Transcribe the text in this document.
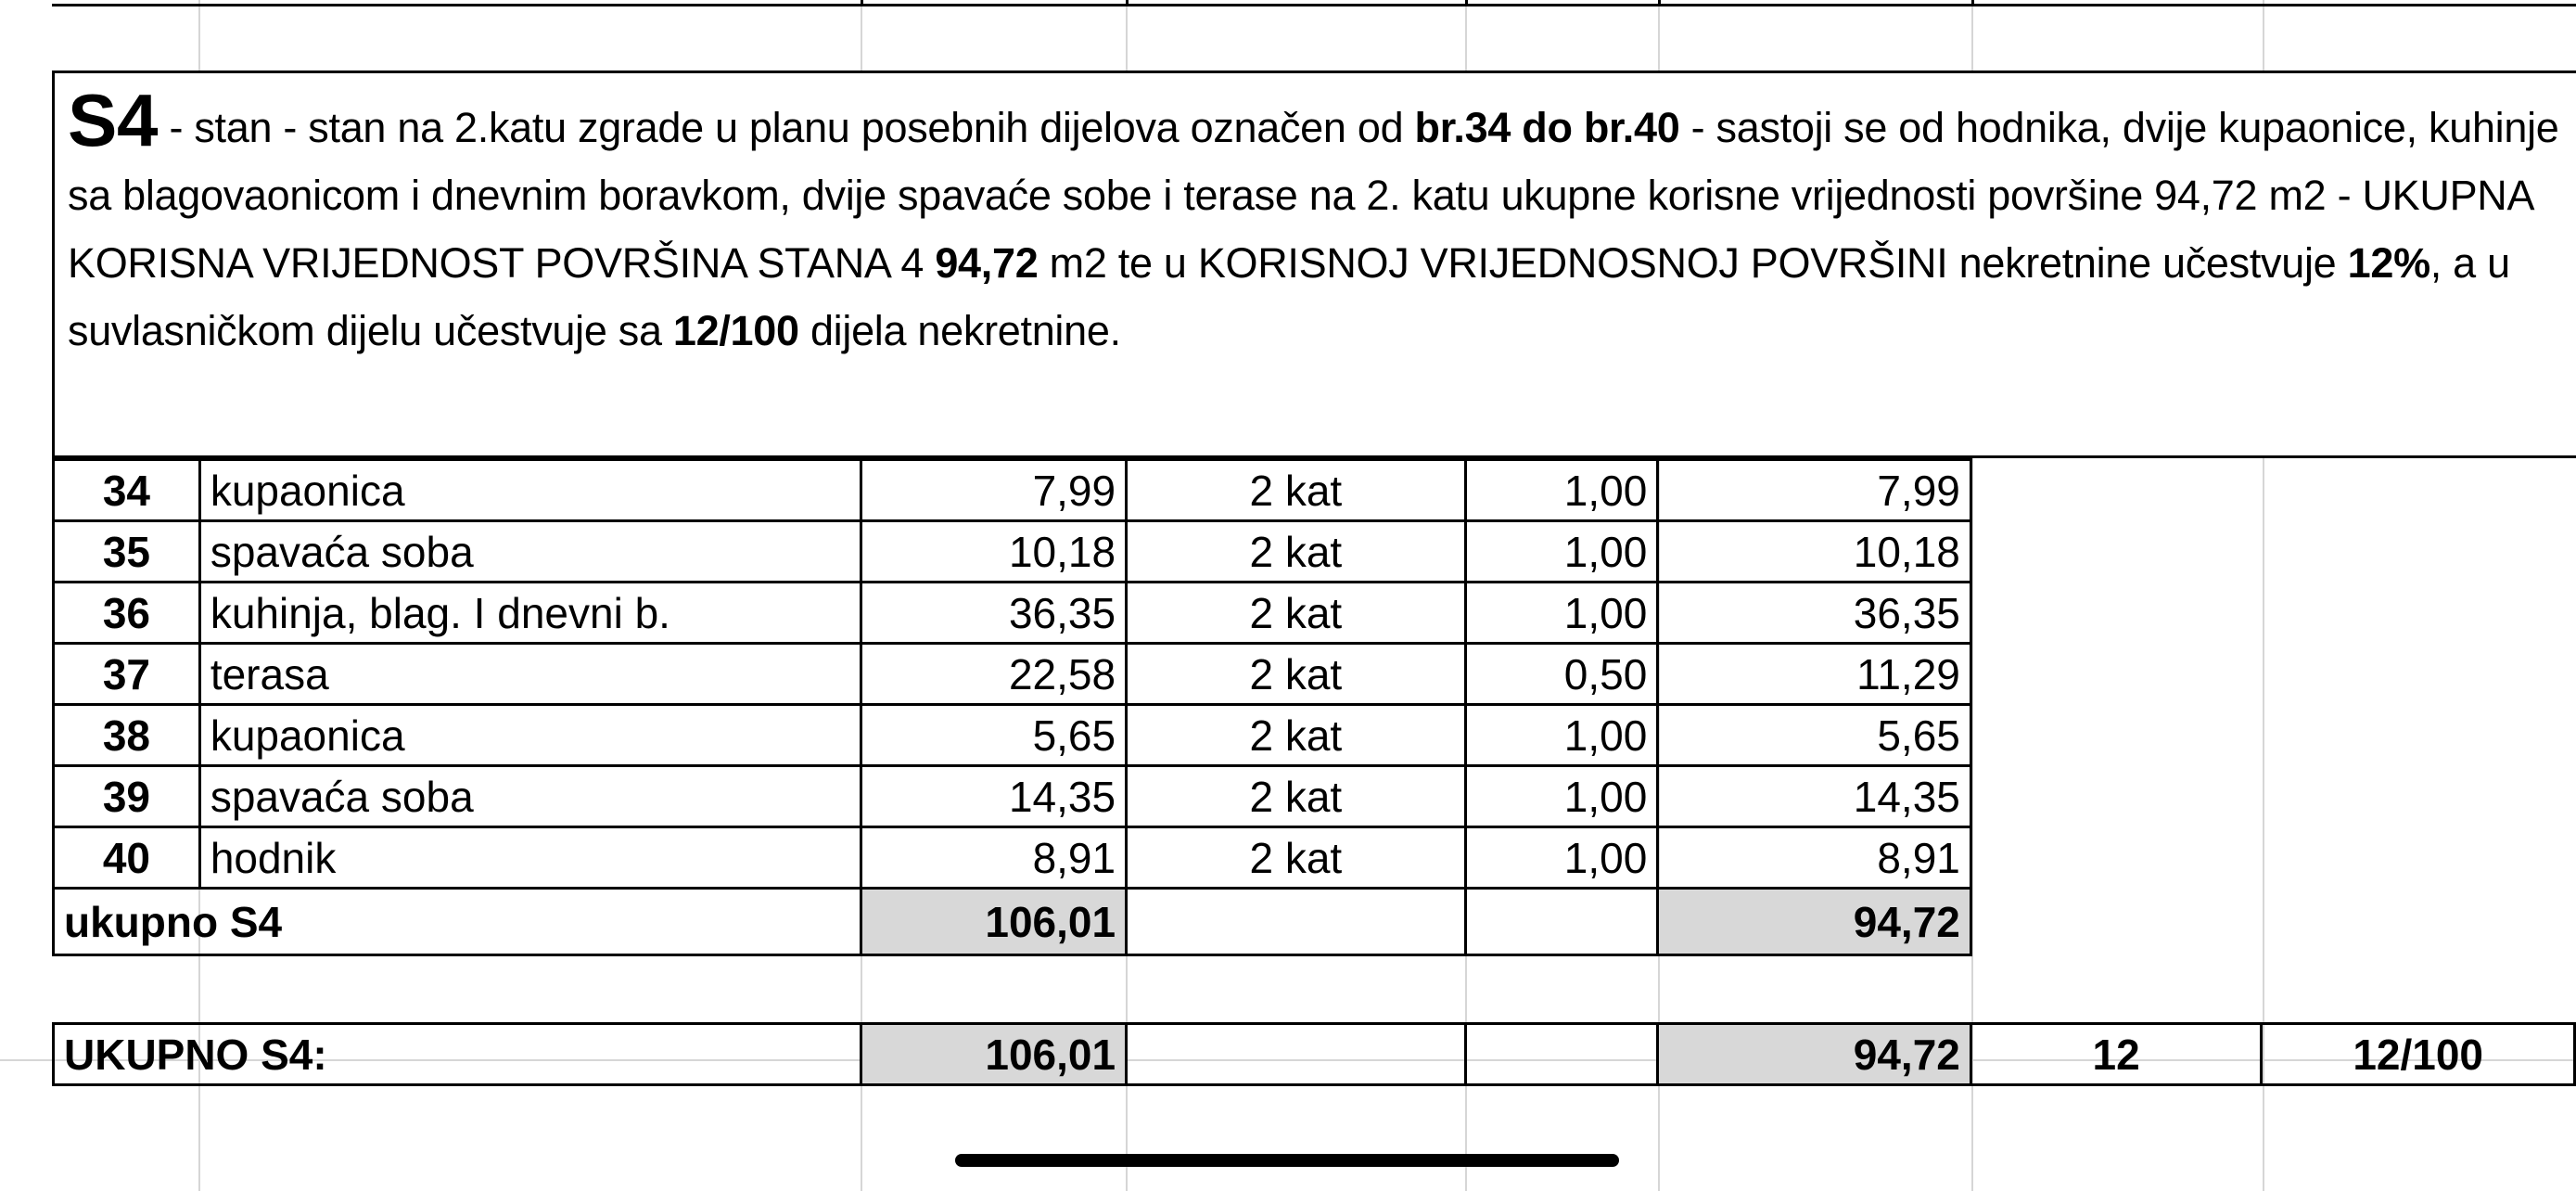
S4 - stan - stan na 2.katu zgrade u planu posebnih dijelova označen od br.34 do br.40 - sastoji se od hodnika, dvije kupaonice, kuhinje sa blagovaonicom i dnevnim boravkom, dvije spavaće sobe i terase na 2. katu ukupne korisne vrijednosti površine 94,72 m2 - UKUPNA KORISNA VRIJEDNOST POVRŠINA STANA 4 94,72 m2 te u KORISNOJ VRIJEDNOSNOJ POVRŠINI nekretnine učestvuje 12%, a u suvlasničkom dijelu učestvuje sa 12/100 dijela nekretnine.
34	kupaonica	7,99	2 kat	1,00	7,99		
35	spavaća soba	10,18	2 kat	1,00	10,18		
36	kuhinja, blag. I dnevni b.	36,35	2 kat	1,00	36,35		
37	terasa	22,58	2 kat	0,50	11,29		
38	kupaonica	5,65	2 kat	1,00	5,65		
39	spavaća soba	14,35	2 kat	1,00	14,35		
40	hodnik	8,91	2 kat	1,00	8,91		
ukupno S4		106,01			94,72		

UKUPNO S4:		106,01			94,72	12	12/100
